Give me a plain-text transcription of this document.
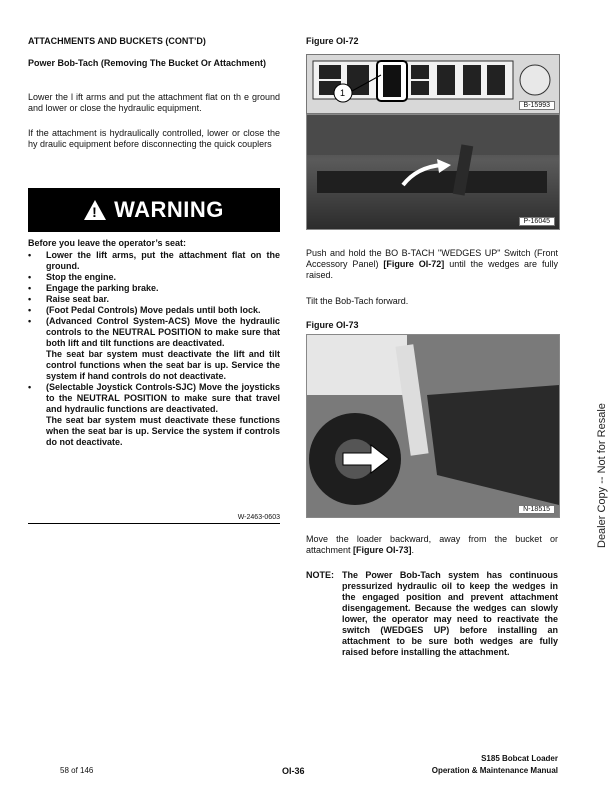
ATTACHMENTS AND BUCKETS (CONT’D)
Power Bob-Tach (Removing The Bucket Or Attachment)
Lower the l ift arms and put the attachment flat on th e ground and lower or close the hydraulic equipment.
If the attachment is hydraulically controlled, lower or close the hy draulic equipment before disconnecting the quick couplers
! WARNING
Before you leave the operator’s seat:
• Lower the lift arms, put the attachment flat on the ground.
• Stop the engine.
• Engage the parking brake.
• Raise seat bar.
• (Foot Pedal Controls) Move pedals until both lock.
• (Advanced Control System-ACS) Move the hydraulic controls to the NEUTRAL POSITION to make sure that both lift and tilt functions are deactivated.
The seat bar system must deactivate the lift and tilt control functions when the seat bar is up. Service the system if hand controls do not deactivate.
• (Selectable Joystick Controls-SJC) Move the joysticks to the NEUTRAL POSITION to make sure that travel and hydraulic functions are deactivated.
The seat bar system must deactivate these functions when the seat bar is up. Service the system if controls do not deactivate.
W-2463-0603
Figure OI-72
1
B-15993
P-16045
Push and hold the BO B-TACH "WEDGES UP" Switch (Front Accessory Panel) [Figure OI-72] until the wedges are fully raised.
Tilt the Bob-Tach forward.
Figure OI-73
N-18515
Move the loader backward, away from the bucket or attachment [Figure OI-73].
NOTE: The Power Bob-Tach system has continuous pressurized hydraulic oil to keep the wedges in the engaged position and prevent attachment disengagement. Because the wedges can slowly lower, the operator may need to reactivate the switch (WEDGES UP) before installing an attachment to be sure both wedges are fully raised before installing the attachment.
Dealer Copy -- Not for Resale
58 of 146	OI-36
S185 Bobcat Loader
Operation & Maintenance Manual
